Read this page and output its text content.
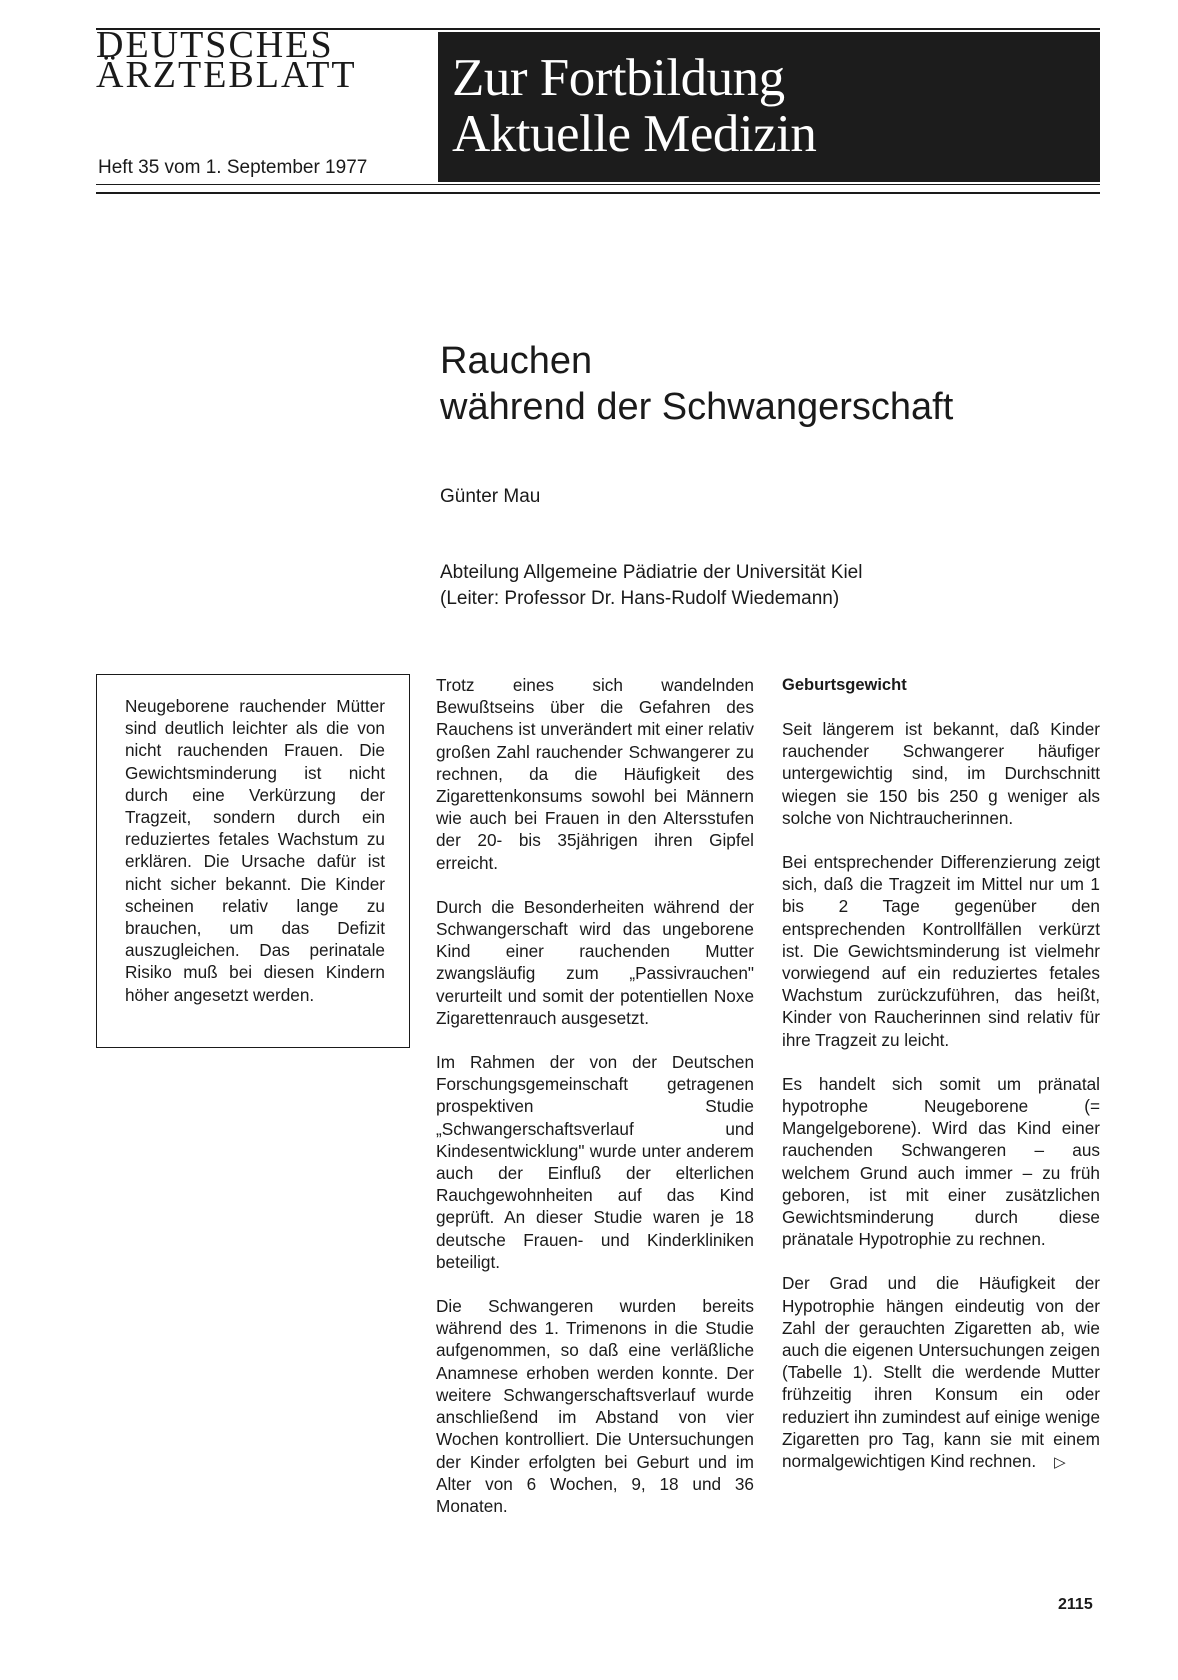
DEUTSCHES
ÄRZTEBLATT
Heft 35 vom 1. September 1977
Zur Fortbildung
Aktuelle Medizin
Rauchen
während der Schwangerschaft
Günter Mau
Abteilung Allgemeine Pädiatrie der Universität Kiel
(Leiter: Professor Dr. Hans-Rudolf Wiedemann)

Neugeborene rauchender Mütter sind deutlich leichter als die von nicht rauchenden Frauen. Die Gewichtsminderung ist nicht durch eine Verkürzung der Tragzeit, sondern durch ein reduziertes fetales Wachstum zu erklären. Die Ursache dafür ist nicht sicher bekannt. Die Kinder scheinen relativ lange zu brauchen, um das Defizit auszugleichen. Das perinatale Risiko muß bei diesen Kindern höher angesetzt werden.

Trotz eines sich wandelnden Bewußtseins über die Gefahren des Rauchens ist unverändert mit einer relativ großen Zahl rauchender Schwangerer zu rechnen, da die Häufigkeit des Zigarettenkonsums sowohl bei Männern wie auch bei Frauen in den Altersstufen der 20- bis 35jährigen ihren Gipfel erreicht.

Durch die Besonderheiten während der Schwangerschaft wird das ungeborene Kind einer rauchenden Mutter zwangsläufig zum „Passivrauchen" verurteilt und somit der potentiellen Noxe Zigarettenrauch ausgesetzt.

Im Rahmen der von der Deutschen Forschungsgemeinschaft getragenen prospektiven Studie „Schwangerschaftsverlauf und Kindesentwicklung" wurde unter anderem auch der Einfluß der elterlichen Rauchgewohnheiten auf das Kind geprüft. An dieser Studie waren je 18 deutsche Frauen- und Kinderkliniken beteiligt.

Die Schwangeren wurden bereits während des 1. Trimenons in die Studie aufgenommen, so daß eine verläßliche Anamnese erhoben werden konnte. Der weitere Schwangerschaftsverlauf wurde anschließend im Abstand von vier Wochen kontrolliert. Die Untersuchungen der Kinder erfolgten bei Geburt und im Alter von 6 Wochen, 9, 18 und 36 Monaten.

Geburtsgewicht

Seit längerem ist bekannt, daß Kinder rauchender Schwangerer häufiger untergewichtig sind, im Durchschnitt wiegen sie 150 bis 250 g weniger als solche von Nichtraucherinnen.

Bei entsprechender Differenzierung zeigt sich, daß die Tragzeit im Mittel nur um 1 bis 2 Tage gegenüber den entsprechenden Kontrollfällen verkürzt ist. Die Gewichtsminderung ist vielmehr vorwiegend auf ein reduziertes fetales Wachstum zurückzuführen, das heißt, Kinder von Raucherinnen sind relativ für ihre Tragzeit zu leicht.

Es handelt sich somit um pränatal hypotrophe Neugeborene (= Mangelgeborene). Wird das Kind einer rauchenden Schwangeren – aus welchem Grund auch immer – zu früh geboren, ist mit einer zusätzlichen Gewichtsminderung durch diese pränatale Hypotrophie zu rechnen.

Der Grad und die Häufigkeit der Hypotrophie hängen eindeutig von der Zahl der gerauchten Zigaretten ab, wie auch die eigenen Untersuchungen zeigen (Tabelle 1). Stellt die werdende Mutter frühzeitig ihren Konsum ein oder reduziert ihn zumindest auf einige wenige Zigaretten pro Tag, kann sie mit einem normalgewichtigen Kind rechnen. ▷

2115
